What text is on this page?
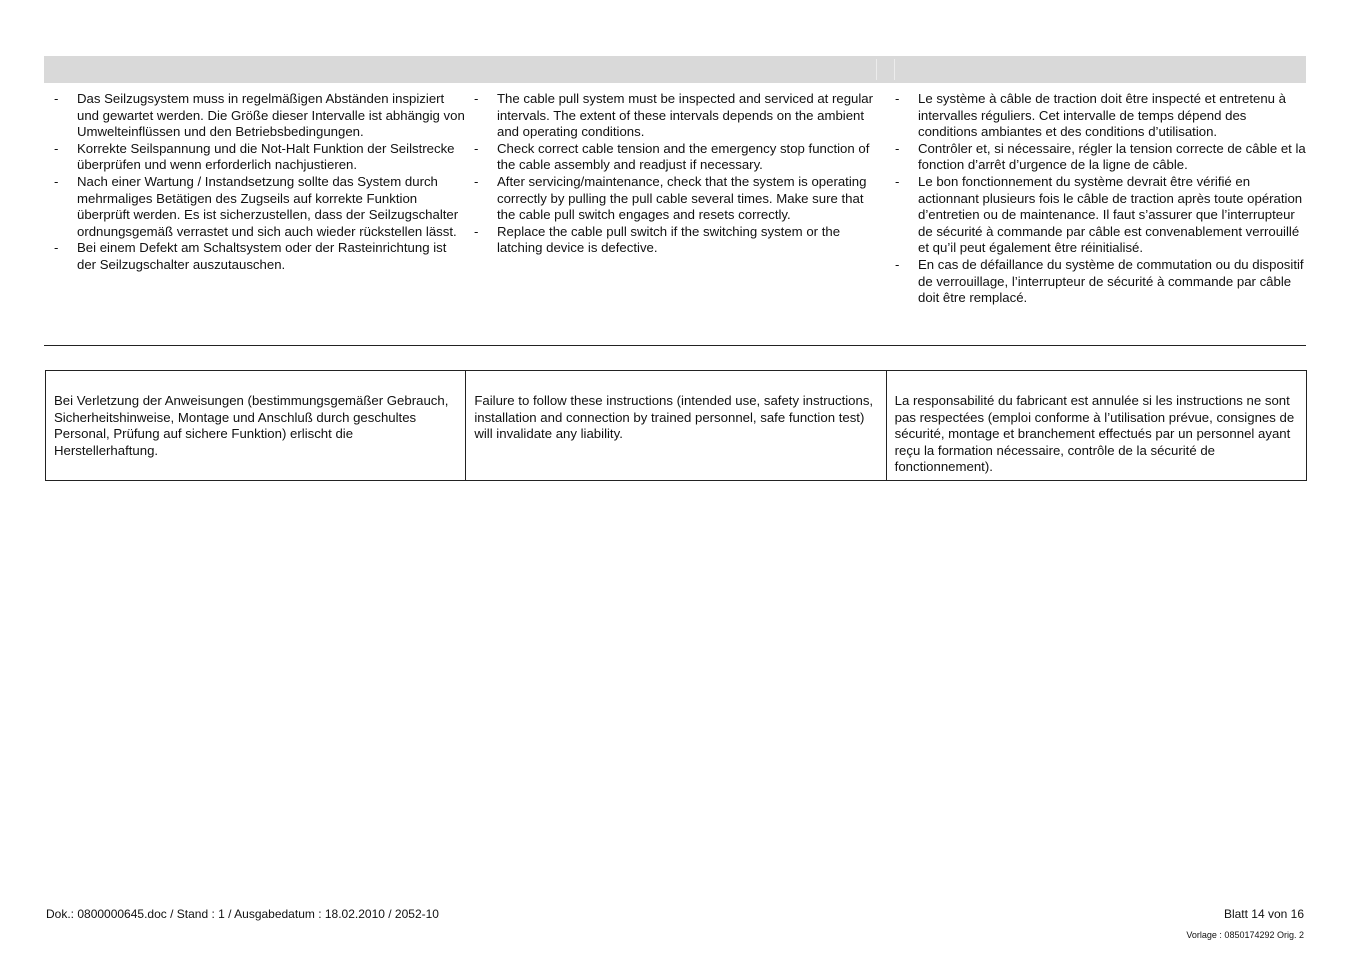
- Das Seilzugsystem muss in regelmäßigen Abständen inspiziert und gewartet werden. Die Größe dieser Intervalle ist abhängig von Umwelteinflüssen und den Betriebsbedingungen.
- Korrekte Seilspannung und die Not-Halt Funktion der Seilstrecke überprüfen und wenn erforderlich nachjustieren.
- Nach einer Wartung / Instandsetzung sollte das System durch mehrmaliges Betätigen des Zugseils auf korrekte Funktion überprüft werden. Es ist sicherzustellen, dass der Seilzugschalter ordnungsgemäß verrastet und sich auch wieder rückstellen lässt.
- Bei einem Defekt am Schaltsystem oder der Rasteinrichtung ist der Seilzugschalter auszutauschen.
- The cable pull system must be inspected and serviced at regular intervals. The extent of these intervals depends on the ambient and operating conditions.
- Check correct cable tension and the emergency stop function of the cable assembly and readjust if necessary.
- After servicing/maintenance, check that the system is operating correctly by pulling the pull cable several times. Make sure that the cable pull switch engages and resets correctly.
- Replace the cable pull switch if the switching system or the latching device is defective.
- Le système à câble de traction doit être inspecté et entretenu à intervalles réguliers. Cet intervalle de temps dépend des conditions ambiantes et des conditions d’utilisation.
- Contrôler et, si nécessaire, régler la tension correcte de câble et la fonction d’arrêt d’urgence de la ligne de câble.
- Le bon fonctionnement du système devrait être vérifié en actionnant plusieurs fois le câble de traction après toute opération d’entretien ou de maintenance. Il faut s’assurer que l’interrupteur de sécurité à commande par câble est convenablement verrouillé et qu’il peut également être réinitialisé.
- En cas de défaillance du système de commutation ou du dispositif de verrouillage, l’interrupteur de sécurité à commande par câble doit être remplacé.
Bei Verletzung der Anweisungen (bestimmungsgemäßer Gebrauch, Sicherheitshinweise, Montage und Anschluß durch geschultes Personal, Prüfung auf sichere Funktion) erlischt die Herstellerhaftung.
Failure to follow these instructions (intended use, safety instructions, installation and connection by trained personnel, safe function test) will invalidate any liability.
La responsabilité du fabricant est annulée si les instructions ne sont pas respectées (emploi conforme à l’utilisation prévue, consignes de sécurité, montage et branchement effectués par un personnel ayant reçu la formation nécessaire, contrôle de la sécurité de fonctionnement).
Dok.: 0800000645.doc / Stand : 1 / Ausgabedatum : 18.02.2010 / 2052-10	Blatt 14 von 16
Vorlage : 0850174292 Orig. 2
